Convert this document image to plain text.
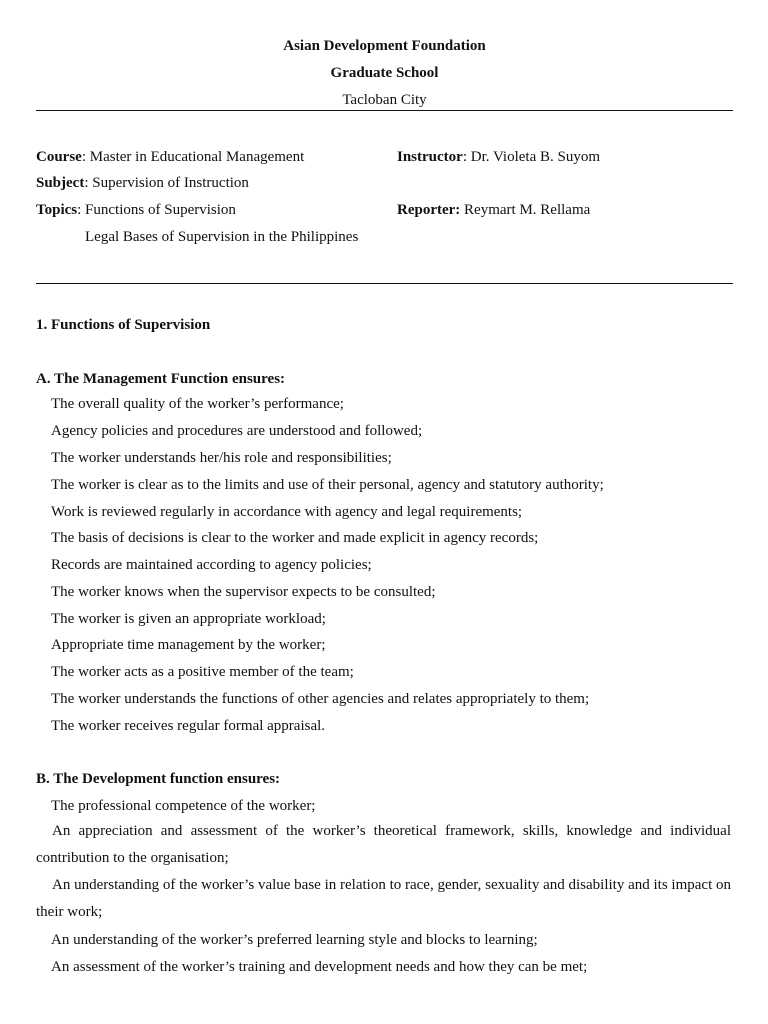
Asian Development Foundation
Graduate School
Tacloban City
Course: Master in Educational Management	Instructor: Dr. Violeta B. Suyom
Subject: Supervision of Instruction
Topics: Functions of Supervision	Reporter: Reymart M. Rellama
Legal Bases of Supervision in the Philippines
1. Functions of Supervision
A. The Management Function ensures:
The overall quality of the worker’s performance;
Agency policies and procedures are understood and followed;
The worker understands her/his role and responsibilities;
The worker is clear as to the limits and use of their personal, agency and statutory authority;
Work is reviewed regularly in accordance with agency and legal requirements;
The basis of decisions is clear to the worker and made explicit in agency records;
Records are maintained according to agency policies;
The worker knows when the supervisor expects to be consulted;
The worker is given an appropriate workload;
Appropriate time management by the worker;
The worker acts as a positive member of the team;
The worker understands the functions of other agencies and relates appropriately to them;
The worker receives regular formal appraisal.
B. The Development function ensures:
The professional competence of the worker;
An appreciation and assessment of the worker’s theoretical framework, skills, knowledge and individual contribution to the organisation;
An understanding of the worker’s value base in relation to race, gender, sexuality and disability and its impact on their work;
An understanding of the worker’s preferred learning style and blocks to learning;
An assessment of the worker’s training and development needs and how they can be met;
